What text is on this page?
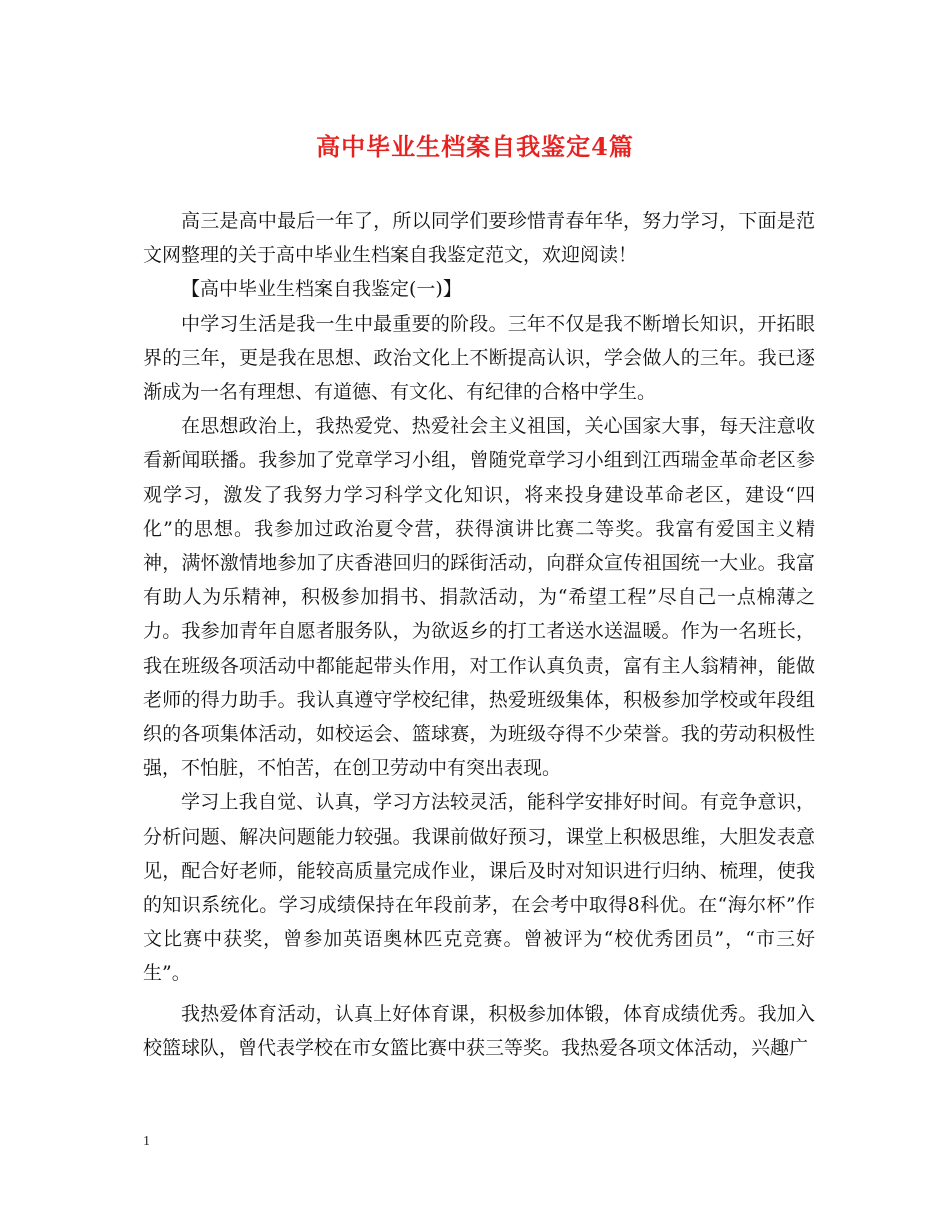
高中毕业生档案自我鉴定4篇

高三是高中最后一年了，所以同学们要珍惜青春年华，努力学习，下面是范文网整理的关于高中毕业生档案自我鉴定范文，欢迎阅读！

【高中毕业生档案自我鉴定(一)】

中学习生活是我一生中最重要的阶段。三年不仅是我不断增长知识，开拓眼界的三年，更是我在思想、政治文化上不断提高认识，学会做人的三年。我已逐渐成为一名有理想、有道德、有文化、有纪律的合格中学生。

在思想政治上，我热爱党、热爱社会主义祖国，关心国家大事，每天注意收看新闻联播。我参加了党章学习小组，曾随党章学习小组到江西瑞金革命老区参观学习，激发了我努力学习科学文化知识，将来投身建设革命老区，建设“四化”的思想。我参加过政治夏令营，获得演讲比赛二等奖。我富有爱国主义精神，满怀激情地参加了庆香港回归的踩街活动，向群众宣传祖国统一大业。我富有助人为乐精神，积极参加捐书、捐款活动，为“希望工程”尽自己一点棉薄之力。我参加青年自愿者服务队，为欲返乡的打工者送水送温暖。作为一名班长，我在班级各项活动中都能起带头作用，对工作认真负责，富有主人翁精神，能做老师的得力助手。我认真遵守学校纪律，热爱班级集体，积极参加学校或年段组织的各项集体活动，如校运会、篮球赛，为班级夺得不少荣誉。我的劳动积极性强，不怕脏，不怕苦，在创卫劳动中有突出表现。

学习上我自觉、认真，学习方法较灵活，能科学安排好时间。有竞争意识，分析问题、解决问题能力较强。我课前做好预习，课堂上积极思维，大胆发表意见，配合好老师，能较高质量完成作业，课后及时对知识进行归纳、梳理，使我的知识系统化。学习成绩保持在年段前茅，在会考中取得8科优。在“海尔杯”作文比赛中获奖，曾参加英语奥林匹克竞赛。曾被评为“校优秀团员”，“市三好生”。

我热爱体育活动，认真上好体育课，积极参加体锻，体育成绩优秀。我加入校篮球队，曾代表学校在市女篮比赛中获三等奖。我热爱各项文体活动，兴趣广

1
